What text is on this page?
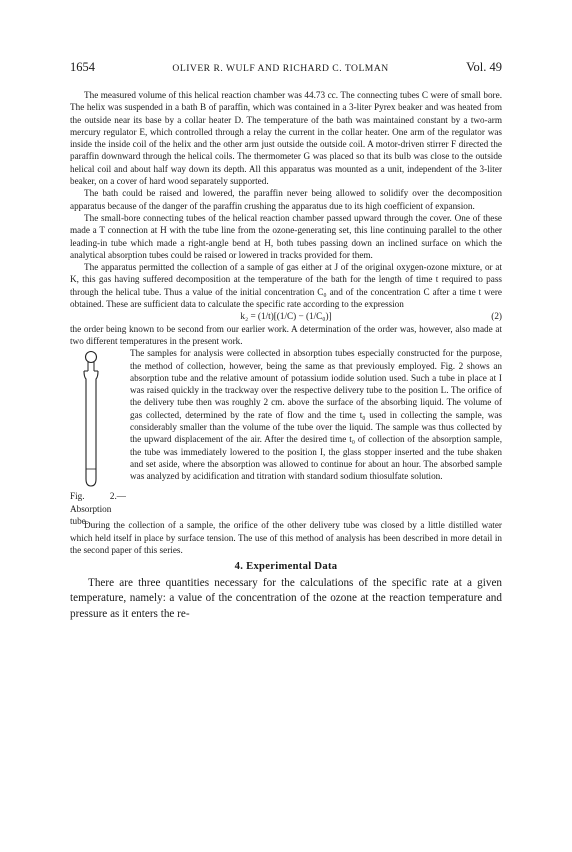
1654	OLIVER R. WULF AND RICHARD C. TOLMAN	Vol. 49

The measured volume of this helical reaction chamber was 44.73 cc. The connecting tubes C were of small bore. The helix was suspended in a bath B of paraffin, which was contained in a 3-liter Pyrex beaker and was heated from the outside near its base by a collar heater D. The temperature of the bath was maintained constant by a two-arm mercury regulator E, which controlled through a relay the current in the collar heater. One arm of the regulator was inside the inside coil of the helix and the other arm just outside the outside coil. A motor-driven stirrer F directed the paraffin downward through the helical coils. The thermometer G was placed so that its bulb was close to the outside helical coil and about half way down its depth. All this apparatus was mounted as a unit, independent of the 3-liter beaker, on a cover of hard wood separately supported.

The bath could be raised and lowered, the paraffin never being allowed to solidify over the decomposition apparatus because of the danger of the paraffin crushing the apparatus due to its high coefficient of expansion.

The small-bore connecting tubes of the helical reaction chamber passed upward through the cover. One of these made a T connection at H with the tube line from the ozone-generating set, this line continuing parallel to the other leading-in tube which made a right-angle bend at H, both tubes passing down an inclined surface on which the analytical absorption tubes could be raised or lowered in tracks provided for them.

The apparatus permitted the collection of a sample of gas either at J of the original oxygen-ozone mixture, or at K, this gas having suffered decomposition at the temperature of the bath for the length of time t required to pass through the helical tube. Thus a value of the initial concentration C₀ and of the concentration C after a time t were obtained. These are sufficient data to calculate the specific rate according to the expression

k₂ = (1/t)[(1/C) − (1/C₀)]	(2)

the order being known to be second from our earlier work. A determination of the order was, however, also made at two different temperatures in the present work.

Fig. 2.—Absorption tube.

The samples for analysis were collected in absorption tubes especially constructed for the purpose, the method of collection, however, being the same as that previously employed. Fig. 2 shows an absorption tube and the relative amount of potassium iodide solution used. Such a tube in place at I was raised quickly in the trackway over the respective delivery tube to the position L. The orifice of the delivery tube then was roughly 2 cm. above the surface of the absorbing liquid. The volume of gas collected, determined by the rate of flow and the time t₀ used in collecting the sample, was considerably smaller than the volume of the tube over the liquid. The sample was thus collected by the upward displacement of the air. After the desired time t₀ of collection of the absorption sample, the tube was immediately lowered to the position I, the glass stopper inserted and the tube shaken and set aside, where the absorption was allowed to continue for about an hour. The absorbed sample was analyzed by acidification and titration with standard sodium thiosulfate solution.

During the collection of a sample, the orifice of the other delivery tube was closed by a little distilled water which held itself in place by surface tension. The use of this method of analysis has been described in more detail in the second paper of this series.

4. Experimental Data

There are three quantities necessary for the calculations of the specific rate at a given temperature, namely: a value of the concentration of the ozone at the reaction temperature and pressure as it enters the re-
